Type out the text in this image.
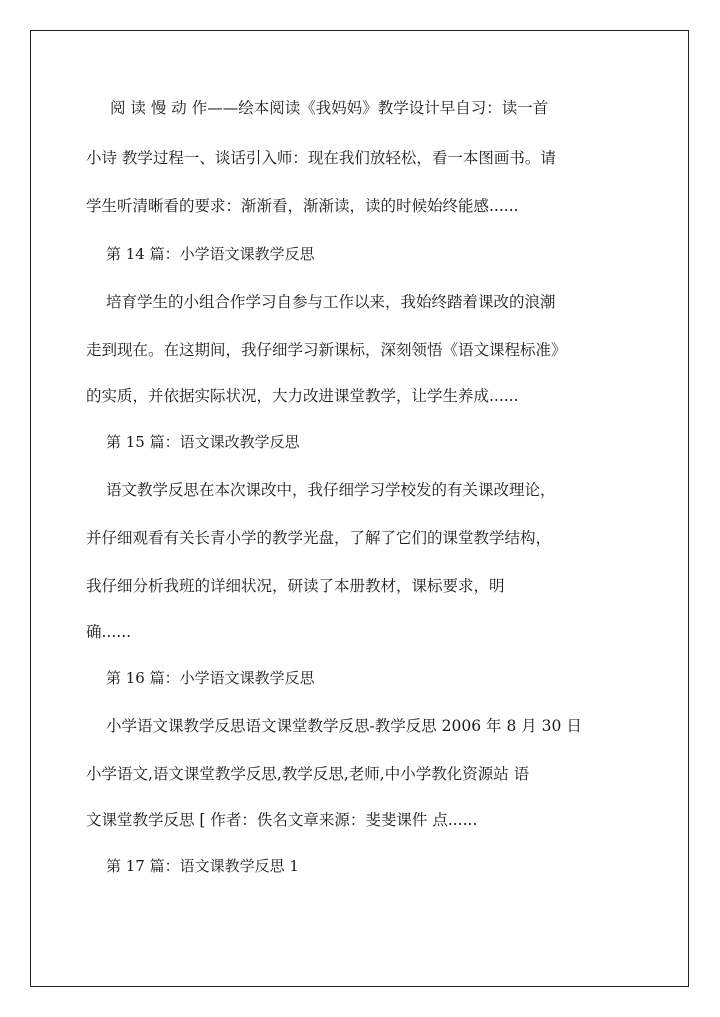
阅 读 慢 动 作——绘本阅读《我妈妈》教学设计早自习：读一首
小诗 教学过程一、谈话引入师：现在我们放轻松，看一本图画书。请
学生听清晰看的要求：渐渐看，渐渐读，读的时候始终能感......
第 14 篇：小学语文课教学反思
培育学生的小组合作学习自参与工作以来，我始终踏着课改的浪潮
走到现在。在这期间，我仔细学习新课标，深刻领悟《语文课程标准》
的实质，并依据实际状况，大力改进课堂教学，让学生养成......
第 15 篇：语文课改教学反思
语文教学反思在本次课改中，我仔细学习学校发的有关课改理论，
并仔细观看有关长青小学的教学光盘，了解了它们的课堂教学结构，
我仔细分析我班的详细状况，研读了本册教材，课标要求，明
确......
第 16 篇：小学语文课教学反思
小学语文课教学反思语文课堂教学反思-教学反思 2006 年 8 月 30 日
小学语文,语文课堂教学反思,教学反思,老师,中小学教化资源站 语
文课堂教学反思 [ 作者：佚名文章来源：斐斐课件 点......
第 17 篇：语文课教学反思 1
